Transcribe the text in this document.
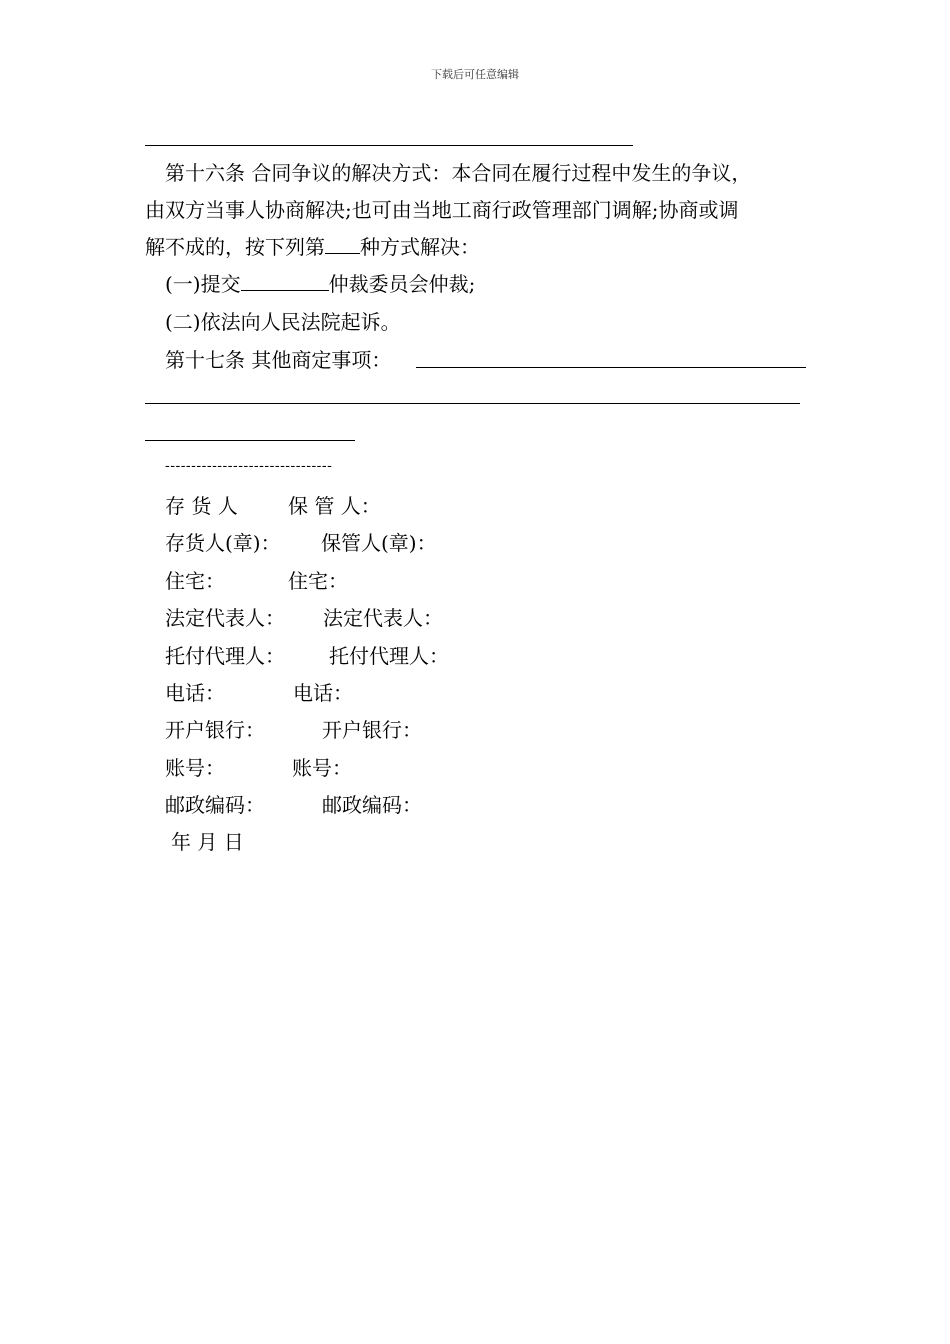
下载后可任意编辑
第十六条 合同争议的解决方式：本合同在履行过程中发生的争议，
由双方当事人协商解决;也可由当地工商行政管理部门调解;协商或调
解不成的，按下列第 种方式解决：
(一)提交	仲裁委员会仲裁;
(二)依法向人民法院起诉。
第十七条 其他商定事项：
--------------------------------
存 货 人	保 管 人：
存货人(章)： 保管人(章)：
住宅：	住宅：
法定代表人： 法定代表人：
托付代理人： 托付代理人：
电话：	电话：
开户银行：	开户银行：
账号：	账号：
邮政编码：	邮政编码：
年 月 日
